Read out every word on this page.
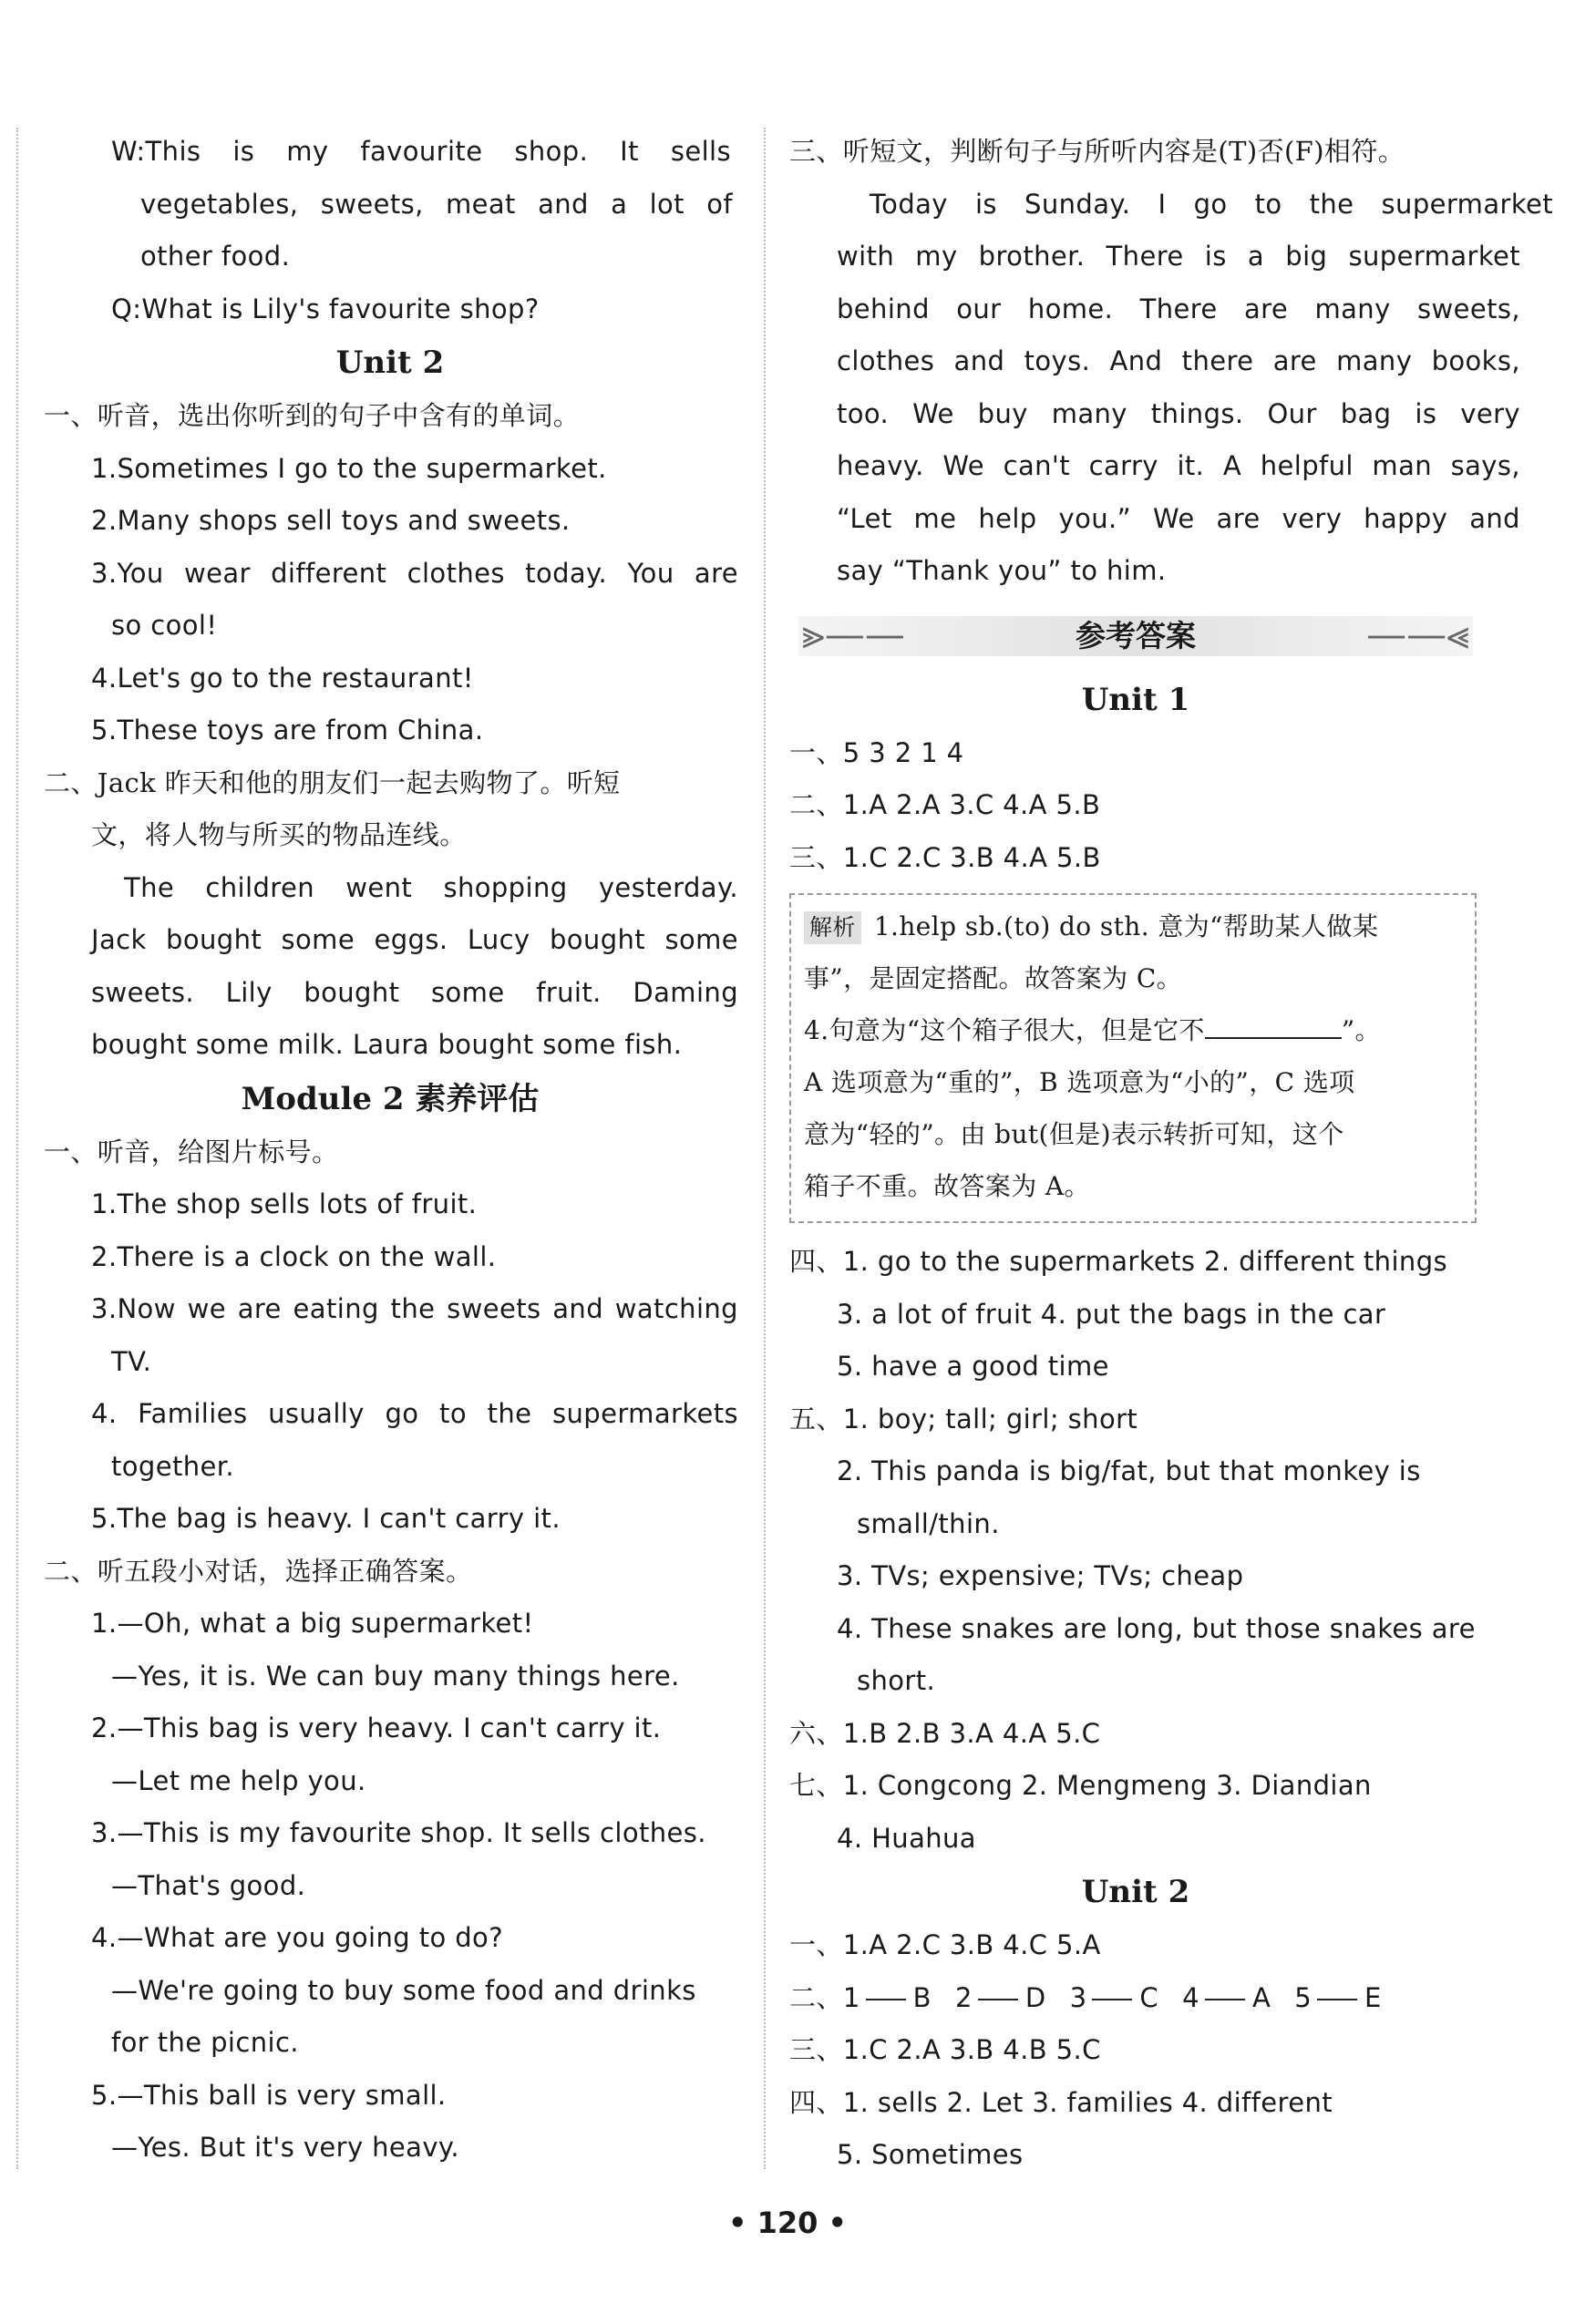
W:This is my favourite shop. It sells
vegetables, sweets, meat and a lot of
other food.
Q:What is Lily's favourite shop?
Unit 2
一、听音，选出你听到的句子中含有的单词。
1.Sometimes I go to the supermarket.
2.Many shops sell toys and sweets.
3.You wear different clothes today. You are
so cool!
4.Let's go to the restaurant!
5.These toys are from China.
二、Jack 昨天和他的朋友们一起去购物了。听短
文，将人物与所买的物品连线。
The children went shopping yesterday.
Jack bought some eggs. Lucy bought some
sweets. Lily bought some fruit. Daming
bought some milk. Laura bought some fish.
Module 2 素养评估
一、听音，给图片标号。
1.The shop sells lots of fruit.
2.There is a clock on the wall.
3.Now we are eating the sweets and watching
TV.
4. Families usually go to the supermarkets
together.
5.The bag is heavy. I can't carry it.
二、听五段小对话，选择正确答案。
1.—Oh, what a big supermarket!
—Yes, it is. We can buy many things here.
2.—This bag is very heavy. I can't carry it.
—Let me help you.
3.—This is my favourite shop. It sells clothes.
—That's good.
4.—What are you going to do?
—We're going to buy some food and drinks
for the picnic.
5.—This ball is very small.
—Yes. But it's very heavy.
三、听短文，判断句子与所听内容是(T)否(F)相符。
Today is Sunday. I go to the supermarket
with my brother. There is a big supermarket
behind our home. There are many sweets,
clothes and toys. And there are many books,
too. We buy many things. Our bag is very
heavy. We can't carry it. A helpful man says,
“Let me help you.” We are very happy and
say “Thank you” to him.
⪢——	——⪡
参考答案
Unit 1
一、5 3 2 1 4
二、1.A 2.A 3.C 4.A 5.B
三、1.C 2.C 3.B 4.A 5.B
解析 1.help sb.(to) do sth. 意为“帮助某人做某
事”，是固定搭配。故答案为 C。
4.句意为“这个箱子很大，但是它不	”。
A 选项意为“重的”，B 选项意为“小的”，C 选项
意为“轻的”。由 but(但是)表示转折可知，这个
箱子不重。故答案为 A。
四、1. go to the supermarkets 2. different things
3. a lot of fruit 4. put the bags in the car
5. have a good time
五、1. boy; tall; girl; short
2. This panda is big/fat, but that monkey is
small/thin.
3. TVs; expensive; TVs; cheap
4. These snakes are long, but those snakes are
short.
六、1.B 2.B 3.A 4.A 5.C
七、1. Congcong 2. Mengmeng 3. Diandian
4. Huahua
Unit 2
一、1.A 2.C 3.B 4.C 5.A
二、1 B 2 D 3 C 4 A 5 E
三、1.C 2.A 3.B 4.B 5.C
四、1. sells 2. Let 3. families 4. different
5. Sometimes
• 120 •
